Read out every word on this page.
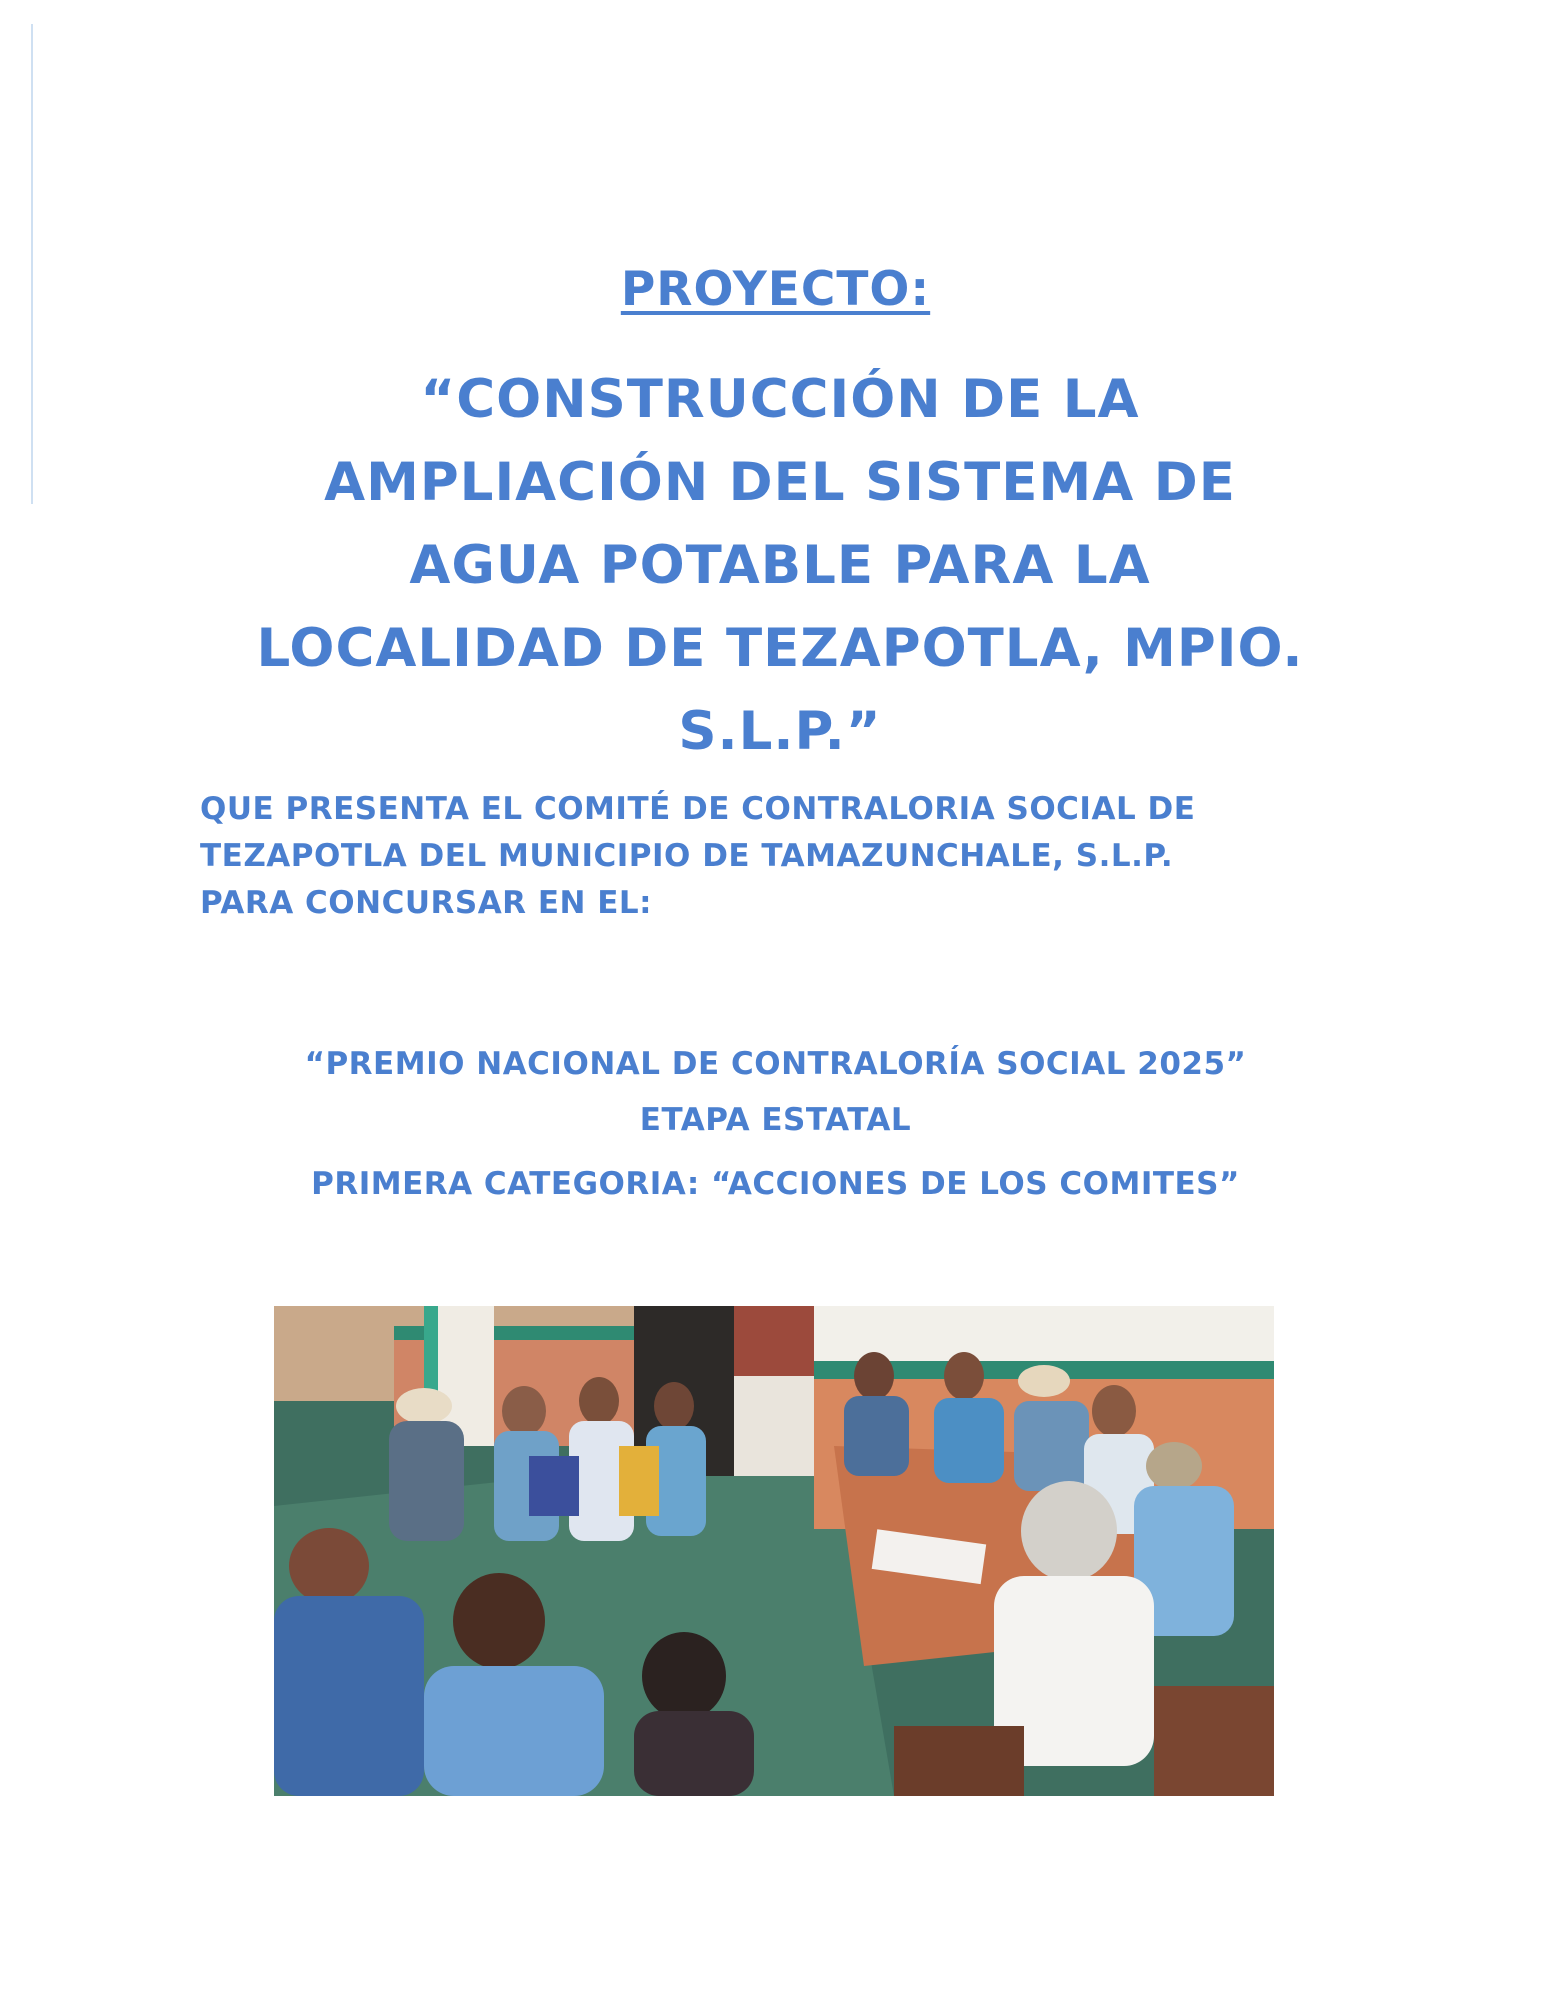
PROYECTO:
“CONSTRUCCIÓN DE LA
AMPLIACIÓN DEL SISTEMA DE
AGUA POTABLE PARA LA
LOCALIDAD DE TEZAPOTLA, MPIO.
S.L.P.”
QUE PRESENTA EL COMITÉ DE CONTRALORIA SOCIAL DE
TEZAPOTLA DEL MUNICIPIO DE TAMAZUNCHALE, S.L.P.
PARA CONCURSAR EN EL:
“PREMIO NACIONAL DE CONTRALORÍA SOCIAL 2025”
ETAPA ESTATAL
PRIMERA CATEGORIA: “ACCIONES DE LOS COMITES”
